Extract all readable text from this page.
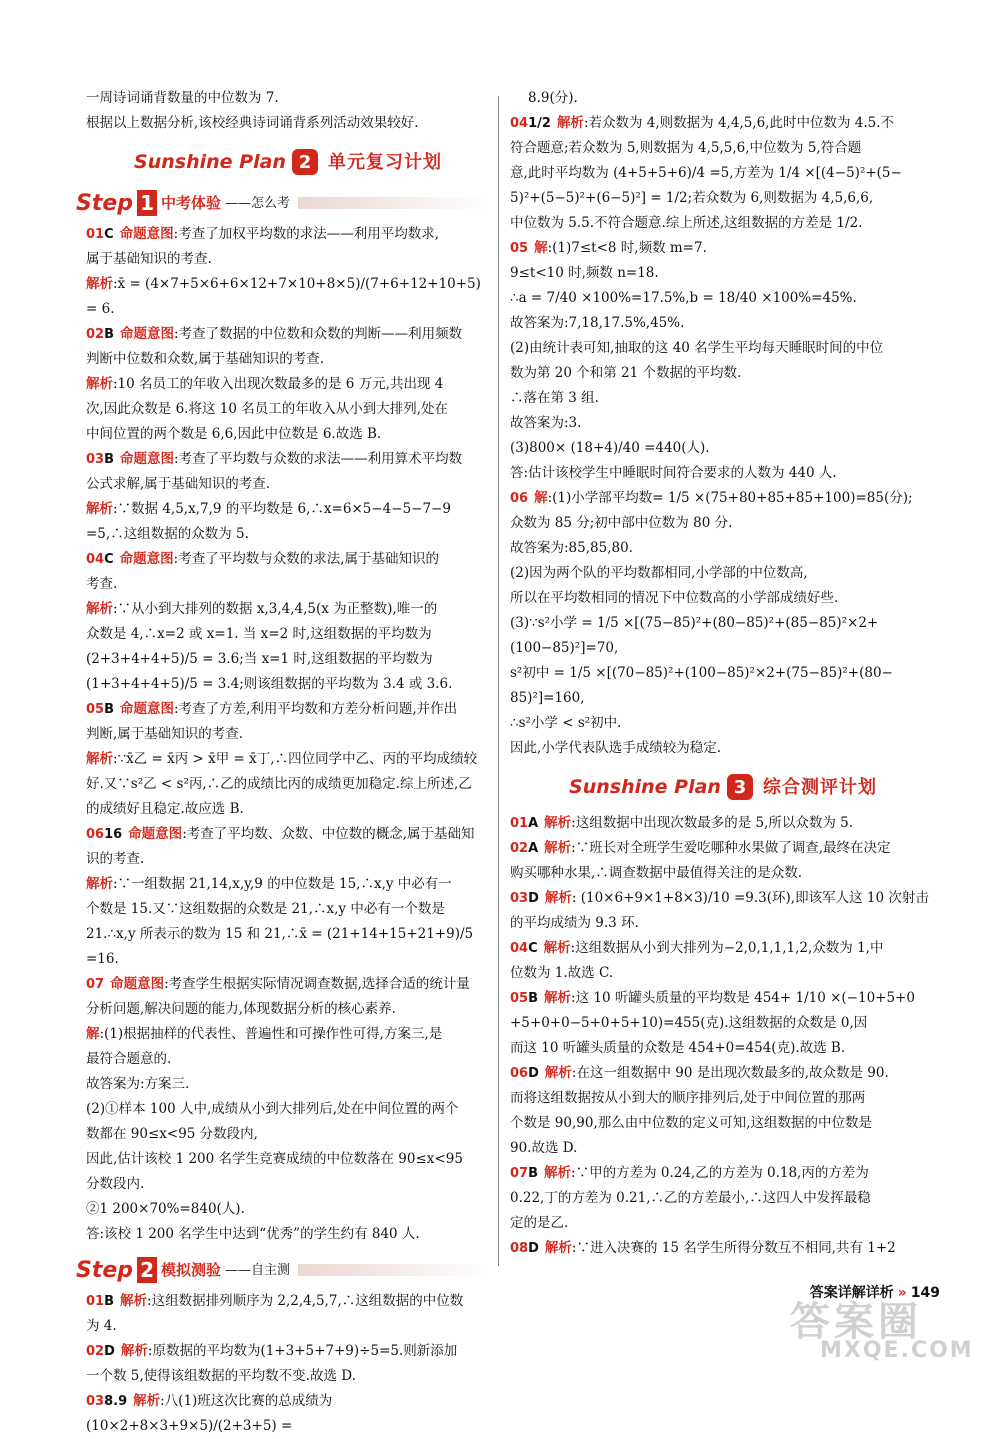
一周诗词诵背数量的中位数为 7.
根据以上数据分析,该校经典诗词诵背系列活动效果较好.
Sunshine Plan 2 单元复习计划
Step 1 中考体验 ——怎么考
01C 命题意图:考查了加权平均数的求法——利用平均数求,
属于基础知识的考查.
解析:x̄ = (4×7+5×6+6×12+7×10+8×5)/(7+6+12+10+5) = 6.
02B 命题意图:考查了数据的中位数和众数的判断——利用频数
判断中位数和众数,属于基础知识的考查.
解析:10 名员工的年收入出现次数最多的是 6 万元,共出现 4
次,因此众数是 6.将这 10 名员工的年收入从小到大排列,处在
中间位置的两个数是 6,6,因此中位数是 6.故选 B.
03B 命题意图:考查了平均数与众数的求法——利用算术平均数
公式求解,属于基础知识的考查.
解析:∵数据 4,5,x,7,9 的平均数是 6,∴x=6×5−4−5−7−9
=5,∴这组数据的众数为 5.
04C 命题意图:考查了平均数与众数的求法,属于基础知识的
考查.
解析:∵从小到大排列的数据 x,3,4,4,5(x 为正整数),唯一的
众数是 4,∴x=2 或 x=1. 当 x=2 时,这组数据的平均数为
(2+3+4+4+5)/5 = 3.6;当 x=1 时,这组数据的平均数为
(1+3+4+4+5)/5 = 3.4;则该组数据的平均数为 3.4 或 3.6.
05B 命题意图:考查了方差,利用平均数和方差分析问题,并作出
判断,属于基础知识的考查.
解析:∵x̄乙 = x̄丙 > x̄甲 = x̄丁,∴四位同学中乙、丙的平均成绩较
好.又∵s²乙 < s²丙,∴乙的成绩比丙的成绩更加稳定.综上所述,乙
的成绩好且稳定.故应选 B.
0616 命题意图:考查了平均数、众数、中位数的概念,属于基础知
识的考查.
解析:∵一组数据 21,14,x,y,9 的中位数是 15,∴x,y 中必有一
个数是 15.又∵这组数据的众数是 21,∴x,y 中必有一个数是
21.∴x,y 所表示的数为 15 和 21,∴x̄ = (21+14+15+21+9)/5
=16.
07 命题意图:考查学生根据实际情况调查数据,选择合适的统计量
分析问题,解决问题的能力,体现数据分析的核心素养.
解:(1)根据抽样的代表性、普遍性和可操作性可得,方案三,是
最符合题意的.
故答案为:方案三.
(2)①样本 100 人中,成绩从小到大排列后,处在中间位置的两个
数都在 90≤x<95 分数段内,
因此,估计该校 1 200 名学生竞赛成绩的中位数落在 90≤x<95
分数段内.
②1 200×70%=840(人).
答:该校 1 200 名学生中达到“优秀”的学生约有 840 人.
Step 2 模拟测验 ——自主测
01B 解析:这组数据排列顺序为 2,2,4,5,7,∴这组数据的中位数
为 4.
02D 解析:原数据的平均数为(1+3+5+7+9)÷5=5.则新添加
一个数 5,使得该组数据的平均数不变.故选 D.
038.9 解析:八(1)班这次比赛的总成绩为 (10×2+8×3+9×5)/(2+3+5) =
8.9(分).
041/2 解析:若众数为 4,则数据为 4,4,5,6,此时中位数为 4.5.不
符合题意;若众数为 5,则数据为 4,5,5,6,中位数为 5,符合题
意,此时平均数为 (4+5+5+6)/4 =5,方差为 1/4 ×[(4−5)²+(5−
5)²+(5−5)²+(6−5)²] = 1/2;若众数为 6,则数据为 4,5,6,6,
中位数为 5.5.不符合题意.综上所述,这组数据的方差是 1/2.
05 解:(1)7≤t<8 时,频数 m=7.
9≤t<10 时,频数 n=18.
∴a = 7/40 ×100%=17.5%,b = 18/40 ×100%=45%.
故答案为:7,18,17.5%,45%.
(2)由统计表可知,抽取的这 40 名学生平均每天睡眠时间的中位
数为第 20 个和第 21 个数据的平均数.
∴落在第 3 组.
故答案为:3.
(3)800× (18+4)/40 =440(人).
答:估计该校学生中睡眠时间符合要求的人数为 440 人.
06 解:(1)小学部平均数= 1/5 ×(75+80+85+85+100)=85(分);
众数为 85 分;初中部中位数为 80 分.
故答案为:85,85,80.
(2)因为两个队的平均数都相同,小学部的中位数高,
所以在平均数相同的情况下中位数高的小学部成绩好些.
(3)∵s²小学 = 1/5 ×[(75−85)²+(80−85)²+(85−85)²×2+
(100−85)²]=70,
s²初中 = 1/5 ×[(70−85)²+(100−85)²×2+(75−85)²+(80−
85)²]=160,
∴s²小学 < s²初中.
因此,小学代表队选手成绩较为稳定.
Sunshine Plan 3 综合测评计划
01A 解析:这组数据中出现次数最多的是 5,所以众数为 5.
02A 解析:∵班长对全班学生爱吃哪种水果做了调查,最终在决定
购买哪种水果,∴调查数据中最值得关注的是众数.
03D 解析: (10×6+9×1+8×3)/10 =9.3(环),即该军人这 10 次射击
的平均成绩为 9.3 环.
04C 解析:这组数据从小到大排列为−2,0,1,1,1,2,众数为 1,中
位数为 1.故选 C.
05B 解析:这 10 听罐头质量的平均数是 454+ 1/10 ×(−10+5+0
+5+0+0−5+0+5+10)=455(克).这组数据的众数是 0,因
而这 10 听罐头质量的众数是 454+0=454(克).故选 B.
06D 解析:在这一组数据中 90 是出现次数最多的,故众数是 90.
而将这组数据按从小到大的顺序排列后,处于中间位置的那两
个数是 90,90,那么由中位数的定义可知,这组数据的中位数是
90.故选 D.
07B 解析:∵甲的方差为 0.24,乙的方差为 0.18,丙的方差为
0.22,丁的方差为 0.21,∴乙的方差最小,∴这四人中发挥最稳
定的是乙.
08D 解析:∵进入决赛的 15 名学生所得分数互不相同,共有 1+2
答案详解详析 » 149
答案圈
MXQE.COM
